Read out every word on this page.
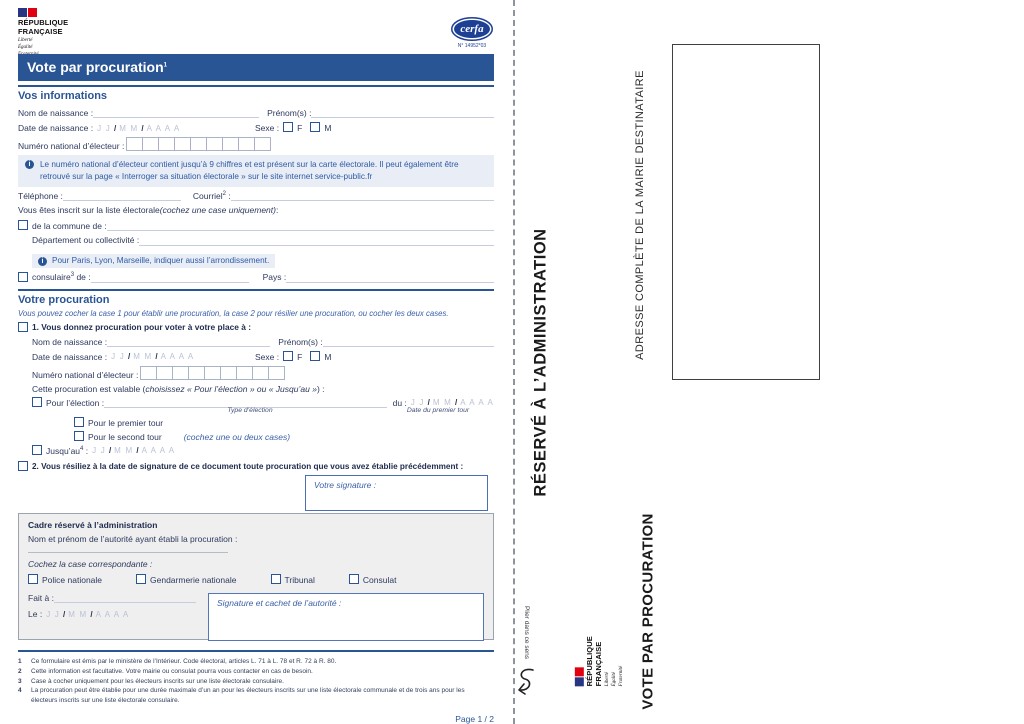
RÉPUBLIQUE
FRANÇAISE
Liberté
Égalité
cerfa
N° 14952*03
Vote par procuration$^1$
Vos informations
Nom de naissance :	Prénom(s) :
Date de naissance : J J / M M / A A A A	Sexe : F	M
Numéro national d’électeur :
i	Le numéro national d’électeur contient jusqu’à 9 chiffres et est présent sur la carte électorale. Il peut également être retrouvé sur la page « Interroger sa situation électorale » sur le site internet service-public.fr
Téléphone :	Courriel$^2$ :
Vous êtes inscrit sur la liste électorale (cochez une case uniquement) :
de la commune de :
Département ou collectivité :
i	Pour Paris, Lyon, Marseille, indiquer aussi l’arrondissement.
consulaire$^3$ de :	Pays :
Votre procuration
Vous pouvez cocher la case 1 pour établir une procuration, la case 2 pour résilier une procuration, ou cocher les deux cases.
1. Vous donnez procuration pour voter à votre place à :
Nom de naissance :	Prénom(s) :
Date de naissance : J J / M M / A A A A	Sexe : F	M
Numéro national d’électeur :
Cette procuration est valable ( choisissez « Pour l’élection » ou « Jusqu’au » ) :
Pour l’élection :	du : J J / M M / A A A A
Type d’élection	Date du premier tour
Pour le premier tour
Pour le second tour	(cochez une ou deux cases)
$Jusqu’au^4$ : J J / M M / A A A A
2. Vous résiliez à la date de signature de ce document toute procuration que vous avez établie précédemment :
Votre signature :
Cadre réservé à l’administration
Nom et prénom de l’autorité ayant établi la procuration :
Cochez la case correspondante :
Police nationale	Gendarmerie nationale	Tribunal	Consulat
Fait à :
Le : J J / M M / A A A A
Signature et cachet de l’autorité :
1	Ce formulaire est émis par le ministère de l’Intérieur. Code électoral, articles L. 71 à L. 78 et R. 72 à R. 80.
2	Cette information est facultative. Votre mairie ou consulat pourra vous contacter en cas de besoin.
3	Case à cocher uniquement pour les électeurs inscrits sur une liste électorale consulaire.
4	La procuration peut être établie pour une durée maximale d’un an pour les électeurs inscrits sur une liste électorale communale et de trois ans pour les électeurs inscrits sur une liste électorale consulaire.
Page 1 / 2
RÉSERVÉ À L’ADMINISTRATION
ADRESSE COMPLÈTE DE LA MAIRIE DESTINATAIRE
VOTE PAR PROCURATION
RÉPUBLIQUE FRANÇAISE Liberté Égalité Fraternité
Plier dans ce sens
